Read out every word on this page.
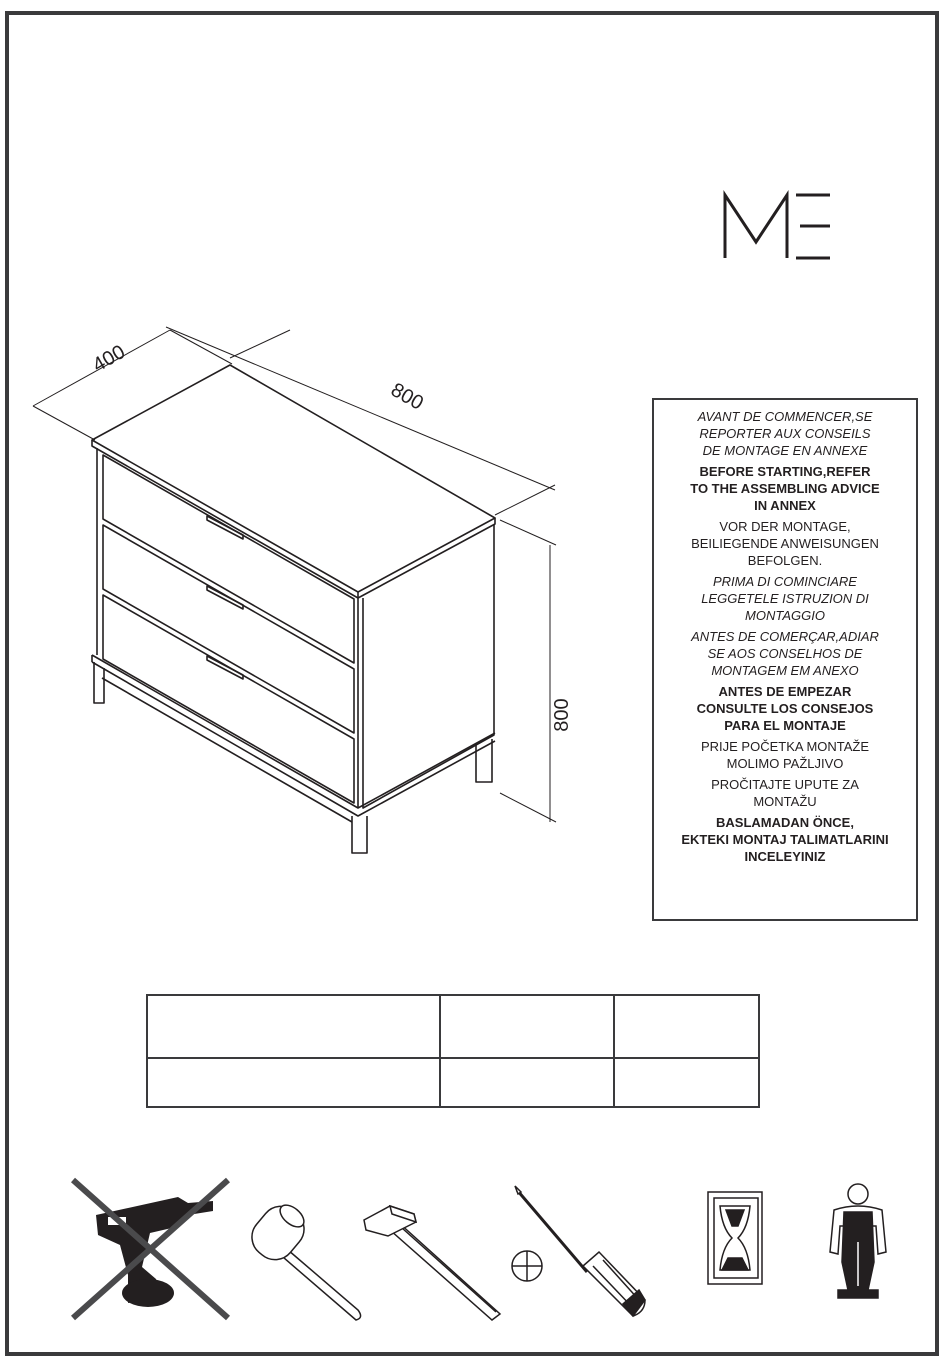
400
800
800

AVANT DE COMMENCER,SE

REPORTER AUX CONSEILS

DE MONTAGE EN ANNEXE

BEFORE STARTING,REFER

TO THE ASSEMBLING ADVICE

IN ANNEX

VOR DER MONTAGE,

BEILIEGENDE ANWEISUNGEN

BEFOLGEN.

PRIMA DI COMINCIARE

LEGGETELE ISTRUZION DI

MONTAGGIO

ANTES DE COMERÇAR,ADIAR

SE AOS CONSELHOS DE

MONTAGEM EM ANEXO

ANTES DE EMPEZAR

CONSULTE LOS CONSEJOS

PARA EL MONTAJE

PRIJE POČETKA MONTAŽE

MOLIMO PAŽLJIVO

PROČITAJTE UPUTE ZA

MONTAŽU

BASLAMADAN ÖNCE,

EKTEKI MONTAJ TALIMATLARINI

INCELEYINIZ
